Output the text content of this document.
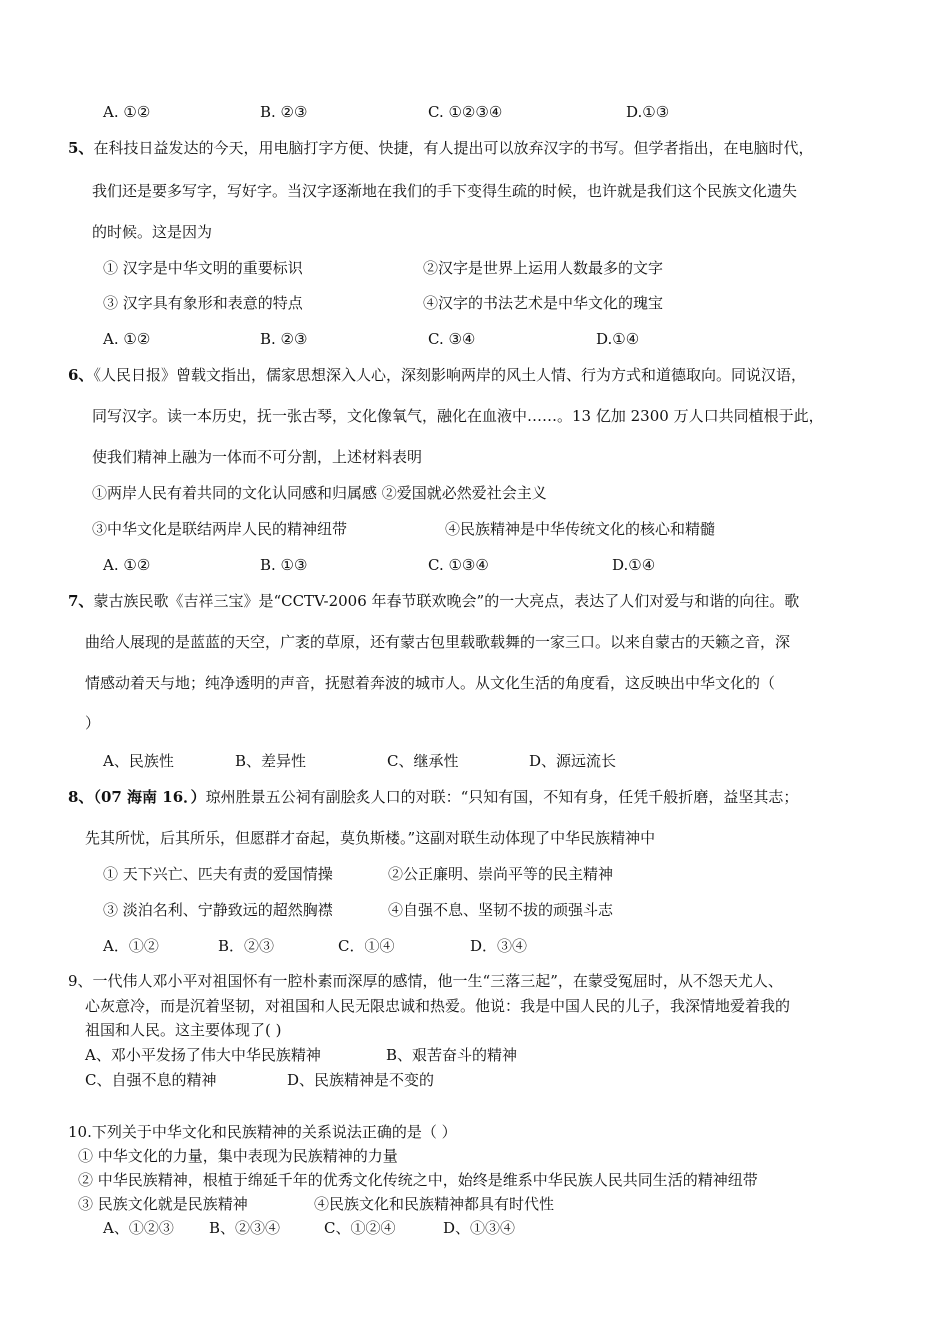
A. ①②	B. ②③	C. ①②③④	D.①③
5、在科技日益发达的今天，用电脑打字方便、快捷，有人提出可以放弃汉字的书写。但学者指出，在电脑时代，
我们还是要多写字，写好字。当汉字逐渐地在我们的手下变得生疏的时候，也许就是我们这个民族文化遗失
的时候。这是因为
① 汉字是中华文明的重要标识	②汉字是世界上运用人数最多的文字
③ 汉字具有象形和表意的特点	④汉字的书法艺术是中华文化的瑰宝
A. ①②	B. ②③	C. ③④	D.①④
6、《人民日报》曾载文指出，儒家思想深入人心，深刻影响两岸的风土人情、行为方式和道德取向。同说汉语，
同写汉字。读一本历史，抚一张古琴，文化像氧气，融化在血液中……。13 亿加 2300 万人口共同植根于此，
使我们精神上融为一体而不可分割，上述材料表明
①两岸人民有着共同的文化认同感和归属感 ②爱国就必然爱社会主义
③中华文化是联结两岸人民的精神纽带	④民族精神是中华传统文化的核心和精髓
A. ①②	B. ①③	C. ①③④	D.①④
7、蒙古族民歌《吉祥三宝》是“CCTV-2006 年春节联欢晚会”的一大亮点，表达了人们对爱与和谐的向往。歌
曲给人展现的是蓝蓝的天空，广袤的草原，还有蒙古包里载歌载舞的一家三口。以来自蒙古的天籁之音，深
情感动着天与地；纯净透明的声音，抚慰着奔波的城市人。从文化生活的角度看，这反映出中华文化的（
）
A、民族性	B、差异性	C、继承性	D、源远流长
8、（07 海南 16．）琼州胜景五公祠有副脍炙人口的对联：“只知有国，不知有身，任凭千般折磨，益坚其志；
先其所忧，后其所乐，但愿群才奋起，莫负斯楼。”这副对联生动体现了中华民族精神中
① 天下兴亡、匹夫有责的爱国情操	②公正廉明、崇尚平等的民主精神
③ 淡泊名利、宁静致远的超然胸襟	④自强不息、坚韧不拔的顽强斗志
A．①②	B．②③	C．①④	D．③④
9、一代伟人邓小平对祖国怀有一腔朴素而深厚的感情，他一生“三落三起”，在蒙受冤屈时，从不怨天尤人、
心灰意冷，而是沉着坚韧，对祖国和人民无限忠诚和热爱。他说：我是中国人民的儿子，我深情地爱着我的
祖国和人民。这主要体现了( )
A、邓小平发扬了伟大中华民族精神	B、艰苦奋斗的精神
C、自强不息的精神	D、民族精神是不变的
10.下列关于中华文化和民族精神的关系说法正确的是（ ）
① 中华文化的力量，集中表现为民族精神的力量
② 中华民族精神，根植于绵延千年的优秀文化传统之中，始终是维系中华民族人民共同生活的精神纽带
③ 民族文化就是民族精神	④民族文化和民族精神都具有时代性
A、①②③ B、②③④	C、①②④	D、①③④
